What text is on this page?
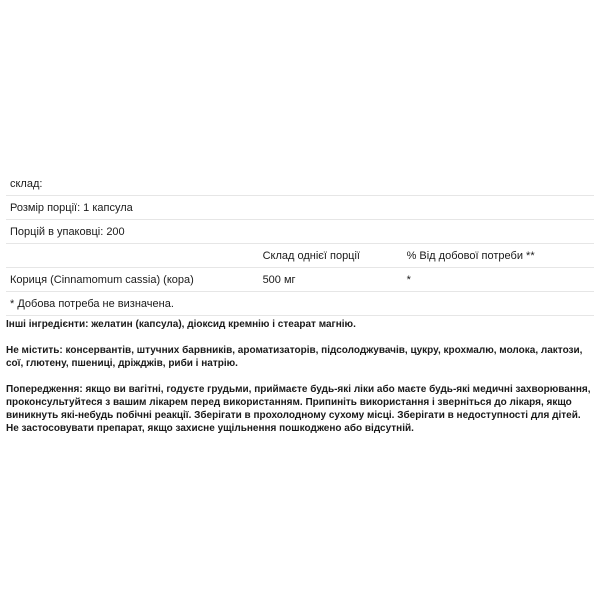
склад:		
Розмір порції: 1 капсула		
Порцій в упаковці: 200		
	Склад однієї порції	% Від добової потреби **
Кориця (Cinnamomum cassia) (кора)	500 мг	*
* Добова потреба не визначена.		

Інші інгредієнти: желатин (капсула), діоксид кремнію і стеарат магнію.

Не містить: консервантів, штучних барвників, ароматизаторів, підсолоджувачів, цукру, крохмалю, молока, лактози, сої, глютену, пшениці, дріжджів, риби і натрію.

Попередження: якщо ви вагітні, годуєте грудьми, приймаєте будь-які ліки або маєте будь-які медичні захворювання, проконсультуйтеся з вашим лікарем перед використанням. Припиніть використання і зверніться до лікаря, якщо виникнуть які-небудь побічні реакції. Зберігати в прохолодному сухому місці. Зберігати в недоступності для дітей. Не застосовувати препарат, якщо захисне ущільнення пошкоджено або відсутній.
